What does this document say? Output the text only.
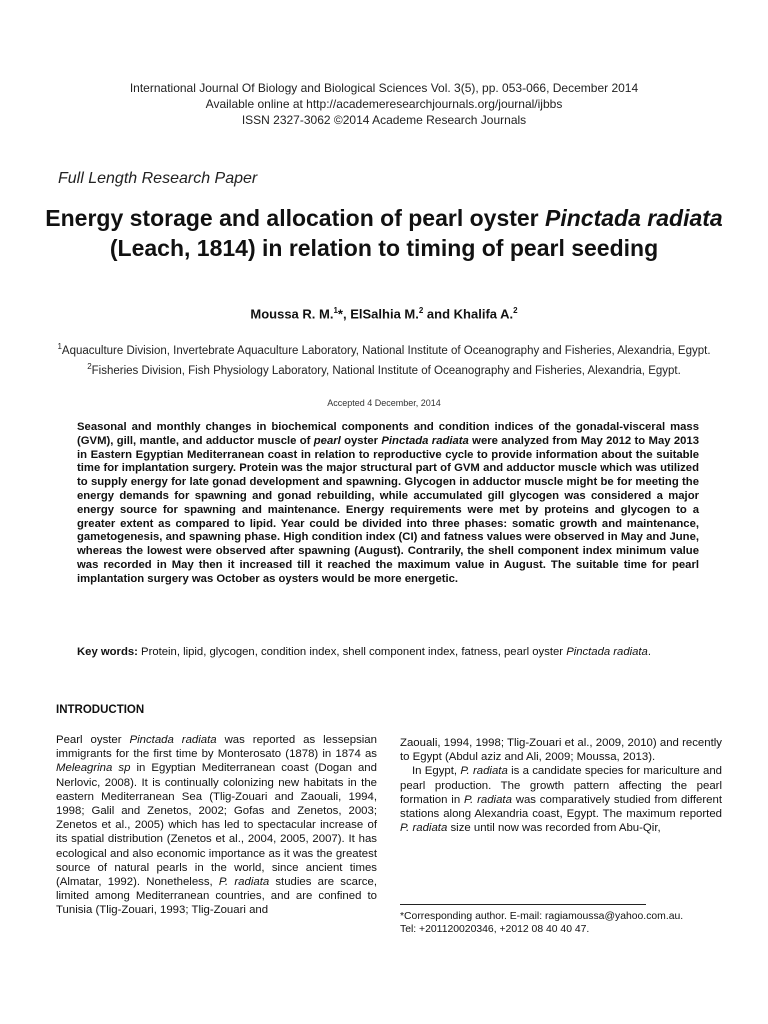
International Journal Of Biology and Biological Sciences Vol. 3(5), pp. 053-066, December 2014
Available online at http://academeresearchjournals.org/journal/ijbbs
ISSN 2327-3062 ©2014 Academe Research Journals
Full Length Research Paper
Energy storage and allocation of pearl oyster Pinctada radiata (Leach, 1814) in relation to timing of pearl seeding
Moussa R. M.$^1$*, ElSalhia M.$^2$ and Khalifa A.$^2$

$^1$Aquaculture Division, Invertebrate Aquaculture Laboratory, National Institute of Oceanography and Fisheries, Alexandria, Egypt.

$^2$Fisheries Division, Fish Physiology Laboratory, National Institute of Oceanography and Fisheries, Alexandria, Egypt.

Accepted 4 December, 2014

Seasonal and monthly changes in biochemical components and condition indices of the gonadal-visceral mass (GVM), gill, mantle, and adductor muscle of pearl oyster Pinctada radiata were analyzed from May 2012 to May 2013 in Eastern Egyptian Mediterranean coast in relation to reproductive cycle to provide information about the suitable time for implantation surgery. Protein was the major structural part of GVM and adductor muscle which was utilized to supply energy for late gonad development and spawning. Glycogen in adductor muscle might be for meeting the energy demands for spawning and gonad rebuilding, while accumulated gill glycogen was considered a major energy source for spawning and maintenance. Energy requirements were met by proteins and glycogen to a greater extent as compared to lipid. Year could be divided into three phases: somatic growth and maintenance, gametogenesis, and spawning phase. High condition index (CI) and fatness values were observed in May and June, whereas the lowest were observed after spawning (August). Contrarily, the shell component index minimum value was recorded in May then it increased till it reached the maximum value in August. The suitable time for pearl implantation surgery was October as oysters would be more energetic.

Key words: Protein, lipid, glycogen, condition index, shell component index, fatness, pearl oyster Pinctada radiata.

INTRODUCTION

Pearl oyster Pinctada radiata was reported as lessepsian immigrants for the first time by Monterosato (1878) in 1874 as Meleagrina sp in Egyptian Mediterranean coast (Dogan and Nerlovic, 2008). It is continually colonizing new habitats in the eastern Mediterranean Sea (Tlig-Zouari and Zaouali, 1994, 1998; Galil and Zenetos, 2002; Gofas and Zenetos, 2003; Zenetos et al., 2005) which has led to spectacular increase of its spatial distribution (Zenetos et al., 2004, 2005, 2007). It has ecological and also economic importance as it was the greatest source of natural pearls in the world, since ancient times (Almatar, 1992). Nonetheless, P. radiata studies are scarce, limited among Mediterranean countries, and are confined to Tunisia (Tlig-Zouari, 1993; Tlig-Zouari and

Zaouali, 1994, 1998; Tlig-Zouari et al., 2009, 2010) and recently to Egypt (Abdul aziz and Ali, 2009; Moussa, 2013).

In Egypt, P. radiata is a candidate species for mariculture and pearl production. The growth pattern affecting the pearl formation in P. radiata was comparatively studied from different stations along Alexandria coast, Egypt. The maximum reported P. radiata size until now was recorded from Abu-Qir,

*Corresponding author. E-mail: ragiamoussa@yahoo.com.au.
Tel: +201120020346, +2012 08 40 40 47.
